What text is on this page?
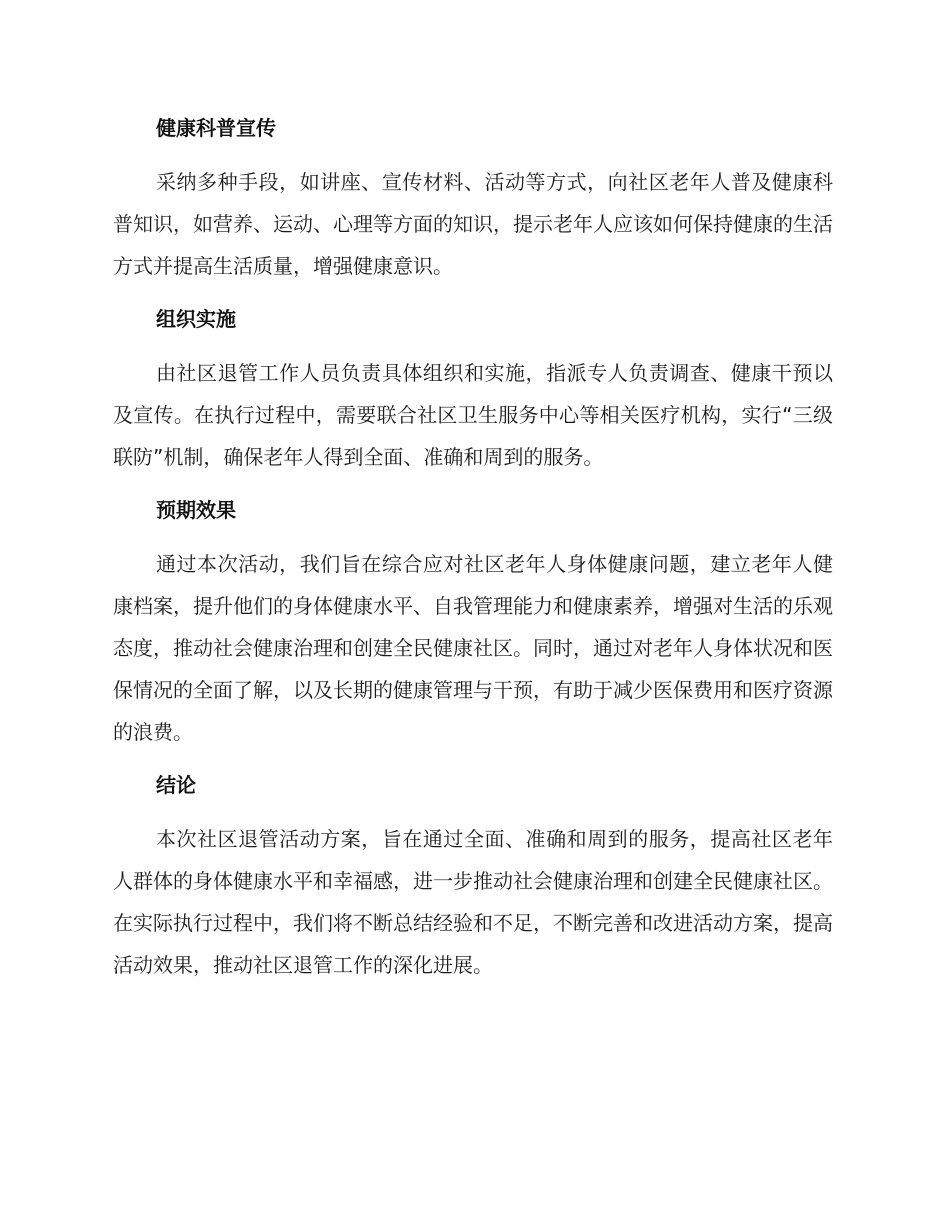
健康科普宣传

采纳多种手段，如讲座、宣传材料、活动等方式，向社区老年人普及健康科普知识，如营养、运动、心理等方面的知识，提示老年人应该如何保持健康的生活方式并提高生活质量，增强健康意识。

组织实施

由社区退管工作人员负责具体组织和实施，指派专人负责调查、健康干预以及宣传。在执行过程中，需要联合社区卫生服务中心等相关医疗机构，实行“三级联防”机制，确保老年人得到全面、准确和周到的服务。

预期效果

通过本次活动，我们旨在综合应对社区老年人身体健康问题，建立老年人健康档案，提升他们的身体健康水平、自我管理能力和健康素养，增强对生活的乐观态度，推动社会健康治理和创建全民健康社区。同时，通过对老年人身体状况和医保情况的全面了解，以及长期的健康管理与干预，有助于减少医保费用和医疗资源的浪费。

结论

本次社区退管活动方案，旨在通过全面、准确和周到的服务，提高社区老年人群体的身体健康水平和幸福感，进一步推动社会健康治理和创建全民健康社区。在实际执行过程中，我们将不断总结经验和不足，不断完善和改进活动方案，提高活动效果，推动社区退管工作的深化进展。
